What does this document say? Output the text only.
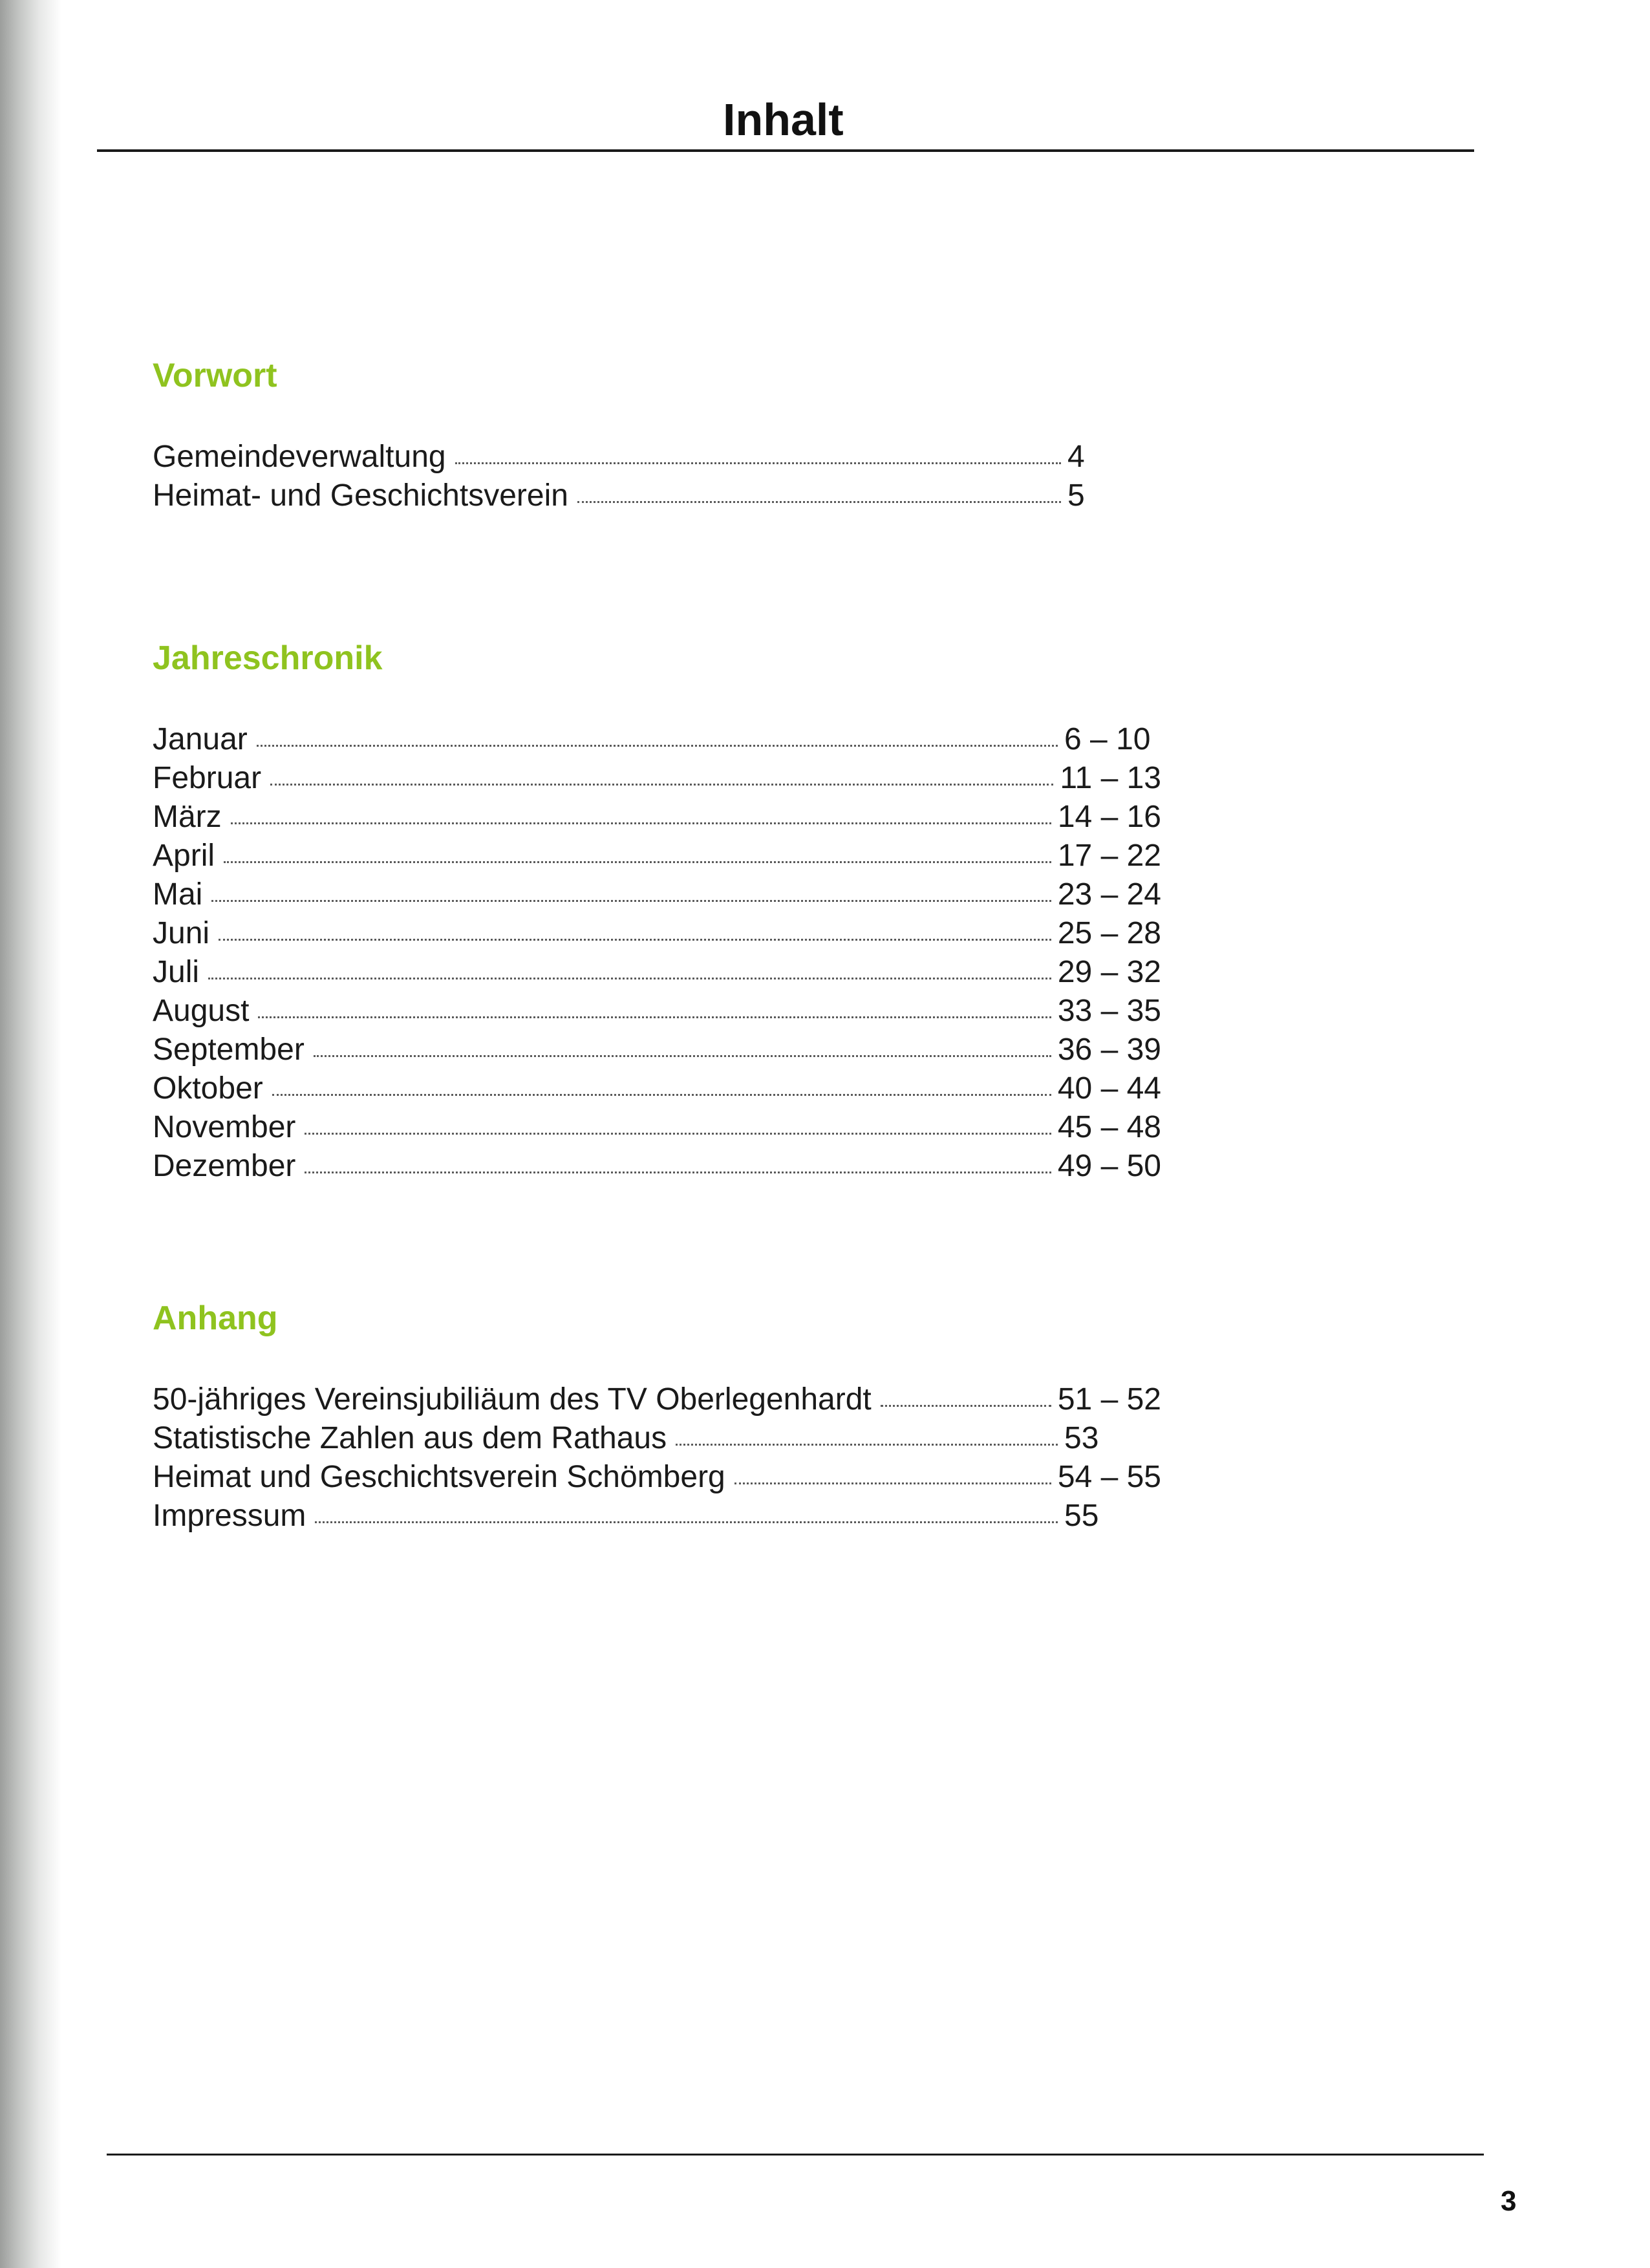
Inhalt
Vorwort
Gemeindeverwaltung	4
Heimat- und Geschichtsverein	5
Jahreschronik
Januar	6 – 10
Februar	11 – 13
März	14 – 16
April	17 – 22
Mai	23 – 24
Juni	25 – 28
Juli	29 – 32
August	33 – 35
September	36 – 39
Oktober	40 – 44
November	45 – 48
Dezember	49 – 50
Anhang
50-jähriges Vereinsjubiliäum des TV Oberlegenhardt	51 – 52
Statistische Zahlen aus dem Rathaus	53
Heimat und Geschichtsverein Schömberg	54 – 55
Impressum	55
3
